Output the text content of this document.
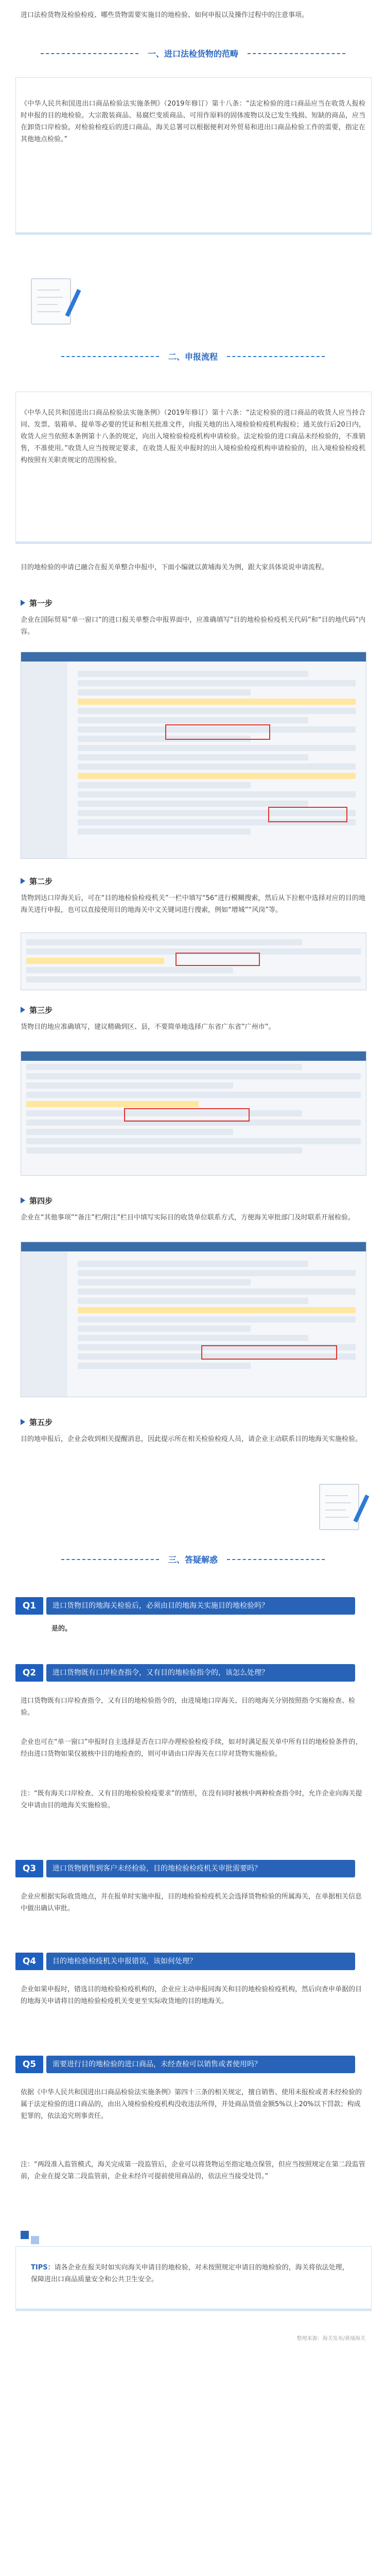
进口法检货物及检验检疫、哪些货物需要实施目的地检验、如何申报以及操作过程中的注意事项。
一、进口法检货物的范畴
《中华人民共和国进出口商品检验法实施条例》（2019年修订）第十八条：“法定检验的进口商品应当在收货人报检时申报的目的地检验。大宗散装商品、易腐烂变质商品、可用作原料的固体废物以及已发生残损、短缺的商品，应当在卸货口岸检验。对检验检疫后的进口商品，海关总署可以根据便利对外贸易和进出口商品检验工作的需要，指定在其他地点检验。”
二、申报流程
《中华人民共和国进出口商品检验法实施条例》（2019年修订）第十六条：“法定检验的进口商品的收货人应当持合同、发票、装箱单、提单等必要的凭证和相关批准文件，向报关地的出入境检验检疫机构报检；通关放行后20日内，收货人应当依照本条例第十八条的规定，向出入境检验检疫机构申请检验。法定检验的进口商品未经检验的，不准销售，不准使用。”收货人应当按规定要求，在收货人报关申报时的出入境检验检疫机构申请检验的，出入境检验检疫机构按照有关职责规定的范围检验。
目的地检验的申请已融合在报关单整合申报中，下面小编就以黄埔海关为例，跟大家具体说说申请流程。
第一步
企业在国际贸易“单一窗口”的进口报关单整合申报界面中，应准确填写“目的地检验检疫机关代码”和“目的地代码”内容。
第二步
货物到达口岸海关后，可在“目的地检验检疫机关”一栏中填写“56”进行模糊搜索，然后从下拉框中选择对应的目的地海关进行申报，也可以直接使用目的地海关中文关键词进行搜索，例如“增城”“风岗”等。
第三步
货物目的地应准确填写，建议精确到区、县，不要简单地选择广东省广东省”广州市”。
第四步
企业在“其他事项”“备注”栏/附注”栏目中填写实际目的收货单位联系方式，方便海关审批部门及时联系开展检验。
第五步
目的地申报后，企业会收到相关提醒消息，因此提示所在相关检验检疫人员，请企业主动联系目的地海关实施检验。
三、答疑解惑
Q1	进口货物目的地海关检验后，必须由目的地海关实施目的地检验吗？
是的。
Q2	进口货物既有口岸检查指令，又有目的地检验指令的，该怎么处理？
进口货物既有口岸检查指令，又有目的地检验指令的，由进境地口岸海关、目的地海关分别按照指令实施检查、检验。
企业也可在“单一窗口”申报时自主选择是否在口岸办理检验检疫手续，如对时满足报关单中所有目的地检验条件的，经由进口货物如果仅被核中目的地检查的，则可申请由口岸海关在口岸对货物实施检验。
注：“既有海关口岸检查、又有目的地检验检疫要求”的情形，在没有同时被核中两种检查指令时，允许企业向海关提交申请由目的地海关实施检验。
Q3	进口货物销售到客户未经检验，目的地检验检疫机关审批需要吗？
企业应根据实际收货地点，并在报单时实施申报，目的地检验检疫机关会选择货物检验的所属海关，在单据相关信息中做出确认审批。
Q4	目的地检验检疫机关申报错误，该如何处理？
企业如果申报时，错选目的地检验检疫机构的，企业应主动申报同海关和目的地检验检疫机构，然后向查申单据的目的地海关申请将目的地检验检疫机关变更至实际收货地的目的地海关。
Q5	需要进行目的地检验的进口商品，未经查检可以销售或者使用吗？
依据《中华人民共和国进出口商品检验法实施条例》第四十三条的相关规定，擅自销售、使用未报检或者未经检验的属于法定检验的进口商品的，由出入境检验检疫机构没收违法所得，并处商品货值金额5%以上20%以下罚款；构成犯罪的，依法追究刑事责任。
注：“两段准入监管模式，海关完成第一段监管后，企业可以将货物运至指定地点保管，但应当按照规定在第二段监管前，企业在提交第二段监管前，企业未经许可提前使用商品的，依法应当接受处罚。”
TIPS：请各企业在报关时如实向海关申请目的地检验，对未按照规定申请目的地检验的，海关将依法处理，保障进出口商品质量安全和公共卫生安全。
整理来源：海关发布/黄埔海关
